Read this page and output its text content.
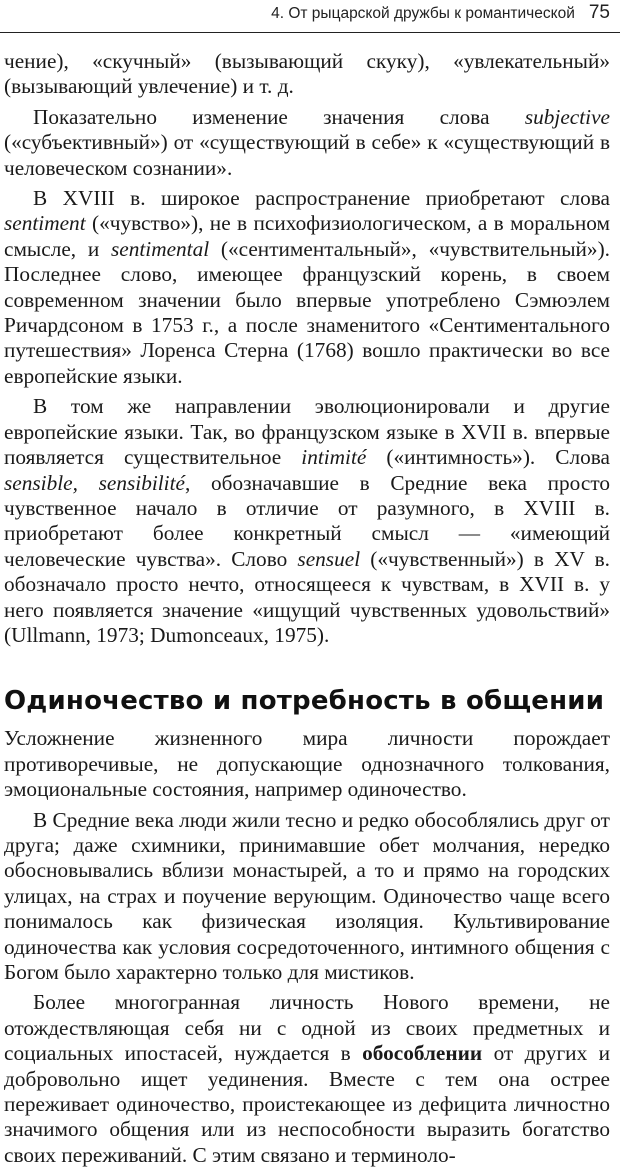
4. От рыцарской дружбы к романтической 75

чение), «скучный» (вызывающий скуку), «увлекательный» (вызывающий увлечение) и т. д.

Показательно изменение значения слова subjective («субъективный») от «существующий в себе» к «существующий в человеческом сознании».

В XVIII в. широкое распространение приобретают слова sentiment («чувство»), не в психофизиологическом, а в моральном смысле, и sentimental («сентиментальный», «чувствительный»). Последнее слово, имеющее французский корень, в своем современном значении было впервые употреблено Сэмюэлем Ричардсоном в 1753 г., а после знаменитого «Сентиментального путешествия» Лоренса Стерна (1768) вошло практически во все европейские языки.

В том же направлении эволюционировали и другие европейские языки. Так, во французском языке в XVII в. впервые появляется существительное intimité («интимность»). Слова sensible, sensibilité, обозначавшие в Средние века просто чувственное начало в отличие от разумного, в XVIII в. приобретают более конкретный смысл — «имеющий человеческие чувства». Слово sensuel («чувственный») в XV в. обозначало просто нечто, относящееся к чувствам, в XVII в. у него появляется значение «ищущий чувственных удовольствий» (Ullmann, 1973; Dumonceaux, 1975).

Одиночество и потребность в общении

Усложнение жизненного мира личности порождает противоречивые, не допускающие однозначного толкования, эмоциональные состояния, например одиночество.

В Средние века люди жили тесно и редко обособлялись друг от друга; даже схимники, принимавшие обет молчания, нередко обосновывались вблизи монастырей, а то и прямо на городских улицах, на страх и поучение верующим. Одиночество чаще всего понималось как физическая изоляция. Культивирование одиночества как условия сосредоточенного, интимного общения с Богом было характерно только для мистиков.

Более многогранная личность Нового времени, не отождествляющая себя ни с одной из своих предметных и социальных ипостасей, нуждается в обособлении от других и добровольно ищет уединения. Вместе с тем она острее переживает одиночество, проистекающее из дефицита личностно значимого общения или из неспособности выразить богатство своих переживаний. С этим связано и терминоло-
